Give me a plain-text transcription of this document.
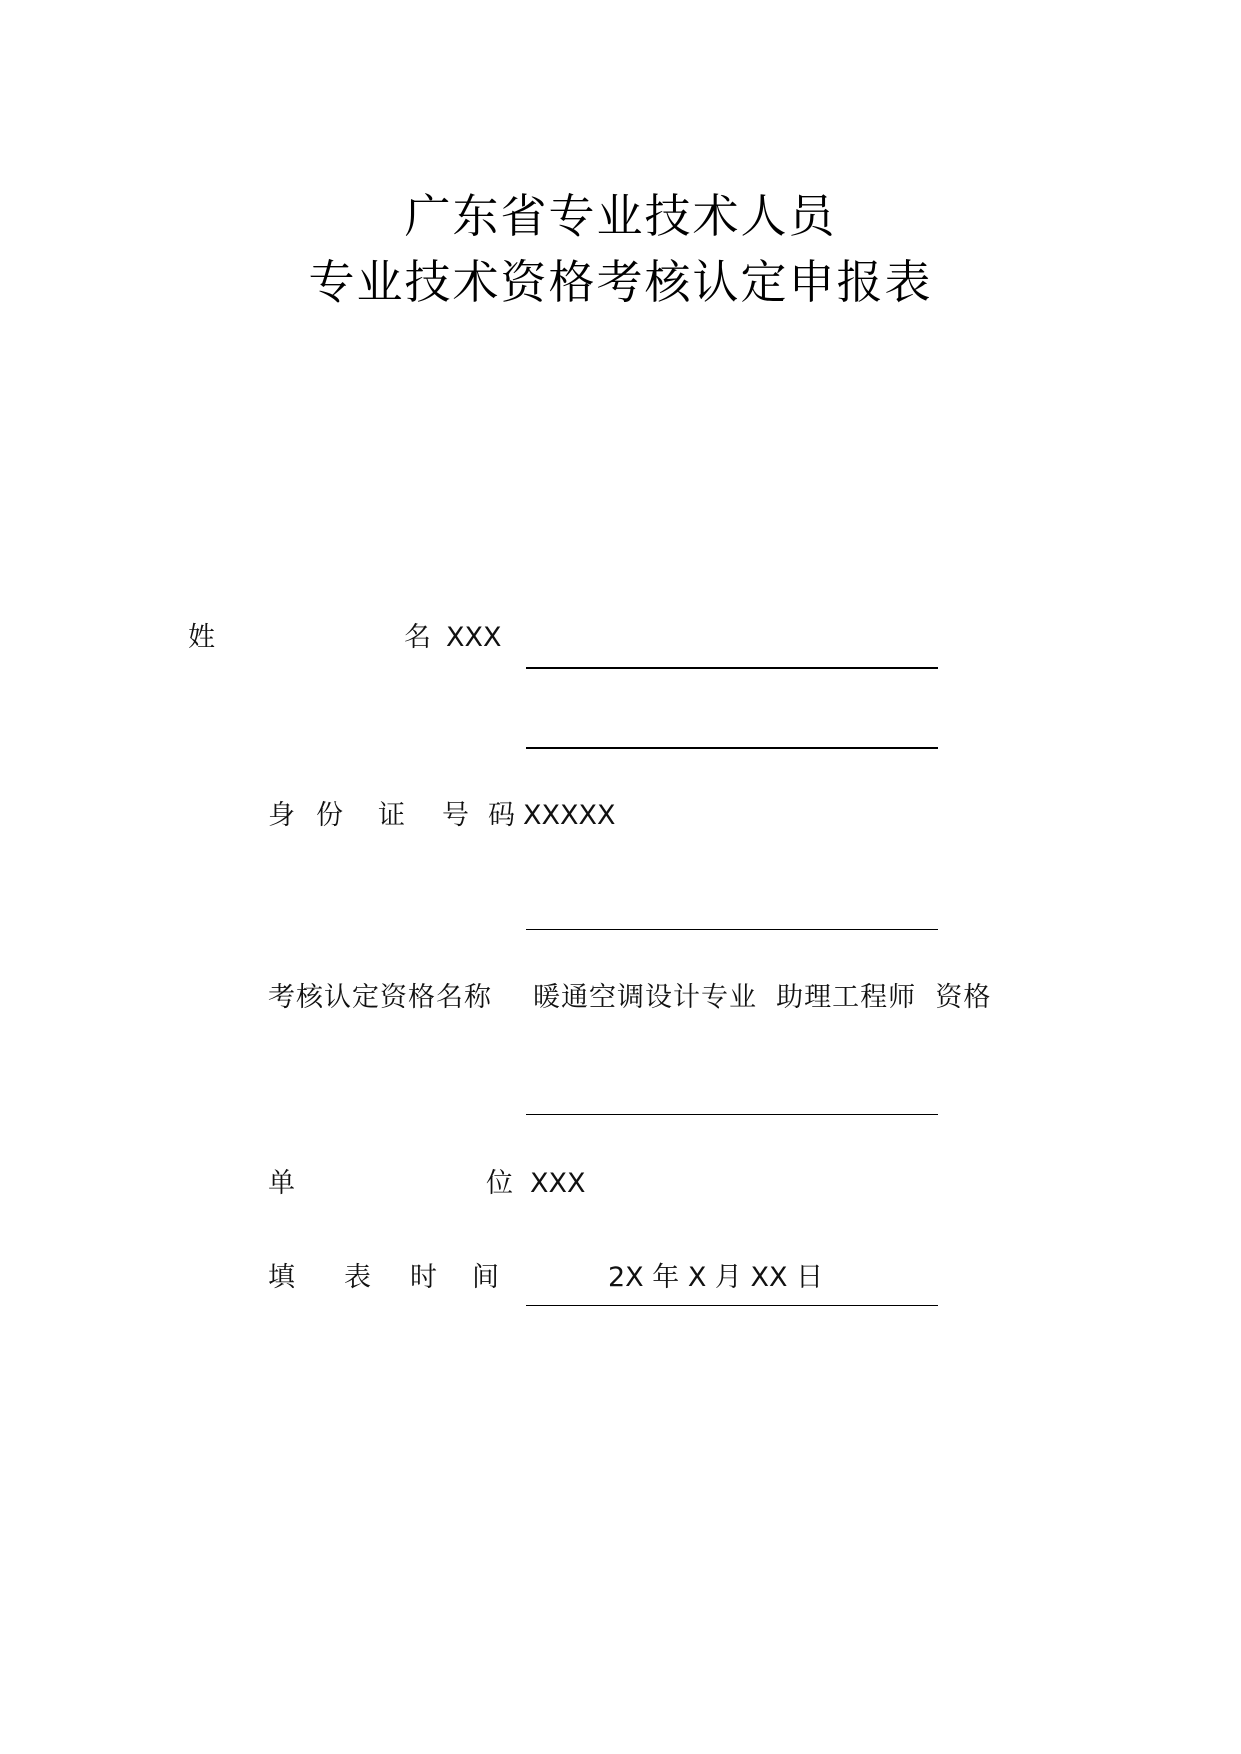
广东省专业技术人员
专业技术资格考核认定申报表
姓	名 XXX
身 份 证 号 码 XXXXX
考核认定资格名称 暖通空调设计专业  助理工程师  资格
单	位 XXX
填 表 时 间	2X 年 X 月 XX 日
